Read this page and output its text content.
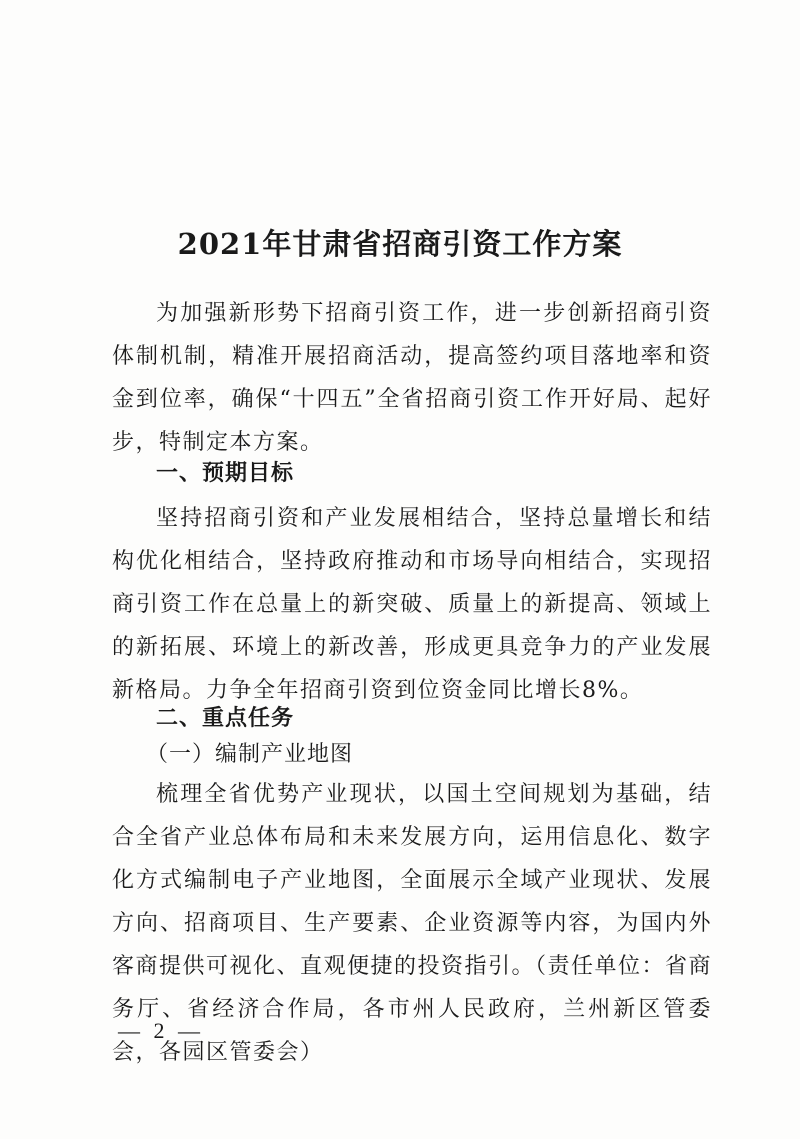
2021年甘肃省招商引资工作方案

为加强新形势下招商引资工作，进一步创新招商引资体制机制，精准开展招商活动，提高签约项目落地率和资金到位率，确保“十四五”全省招商引资工作开好局、起好步，特制定本方案。

一、预期目标

坚持招商引资和产业发展相结合，坚持总量增长和结构优化相结合，坚持政府推动和市场导向相结合，实现招商引资工作在总量上的新突破、质量上的新提高、领域上的新拓展、环境上的新改善，形成更具竞争力的产业发展新格局。力争全年招商引资到位资金同比增长8%。

二、重点任务
（一）编制产业地图

梳理全省优势产业现状，以国土空间规划为基础，结合全省产业总体布局和未来发展方向，运用信息化、数字化方式编制电子产业地图，全面展示全域产业现状、发展方向、招商项目、生产要素、企业资源等内容，为国内外客商提供可视化、直观便捷的投资指引。（责任单位：省商务厅、省经济合作局，各市州人民政府，兰州新区管委会，各园区管委会）

— 2 —
